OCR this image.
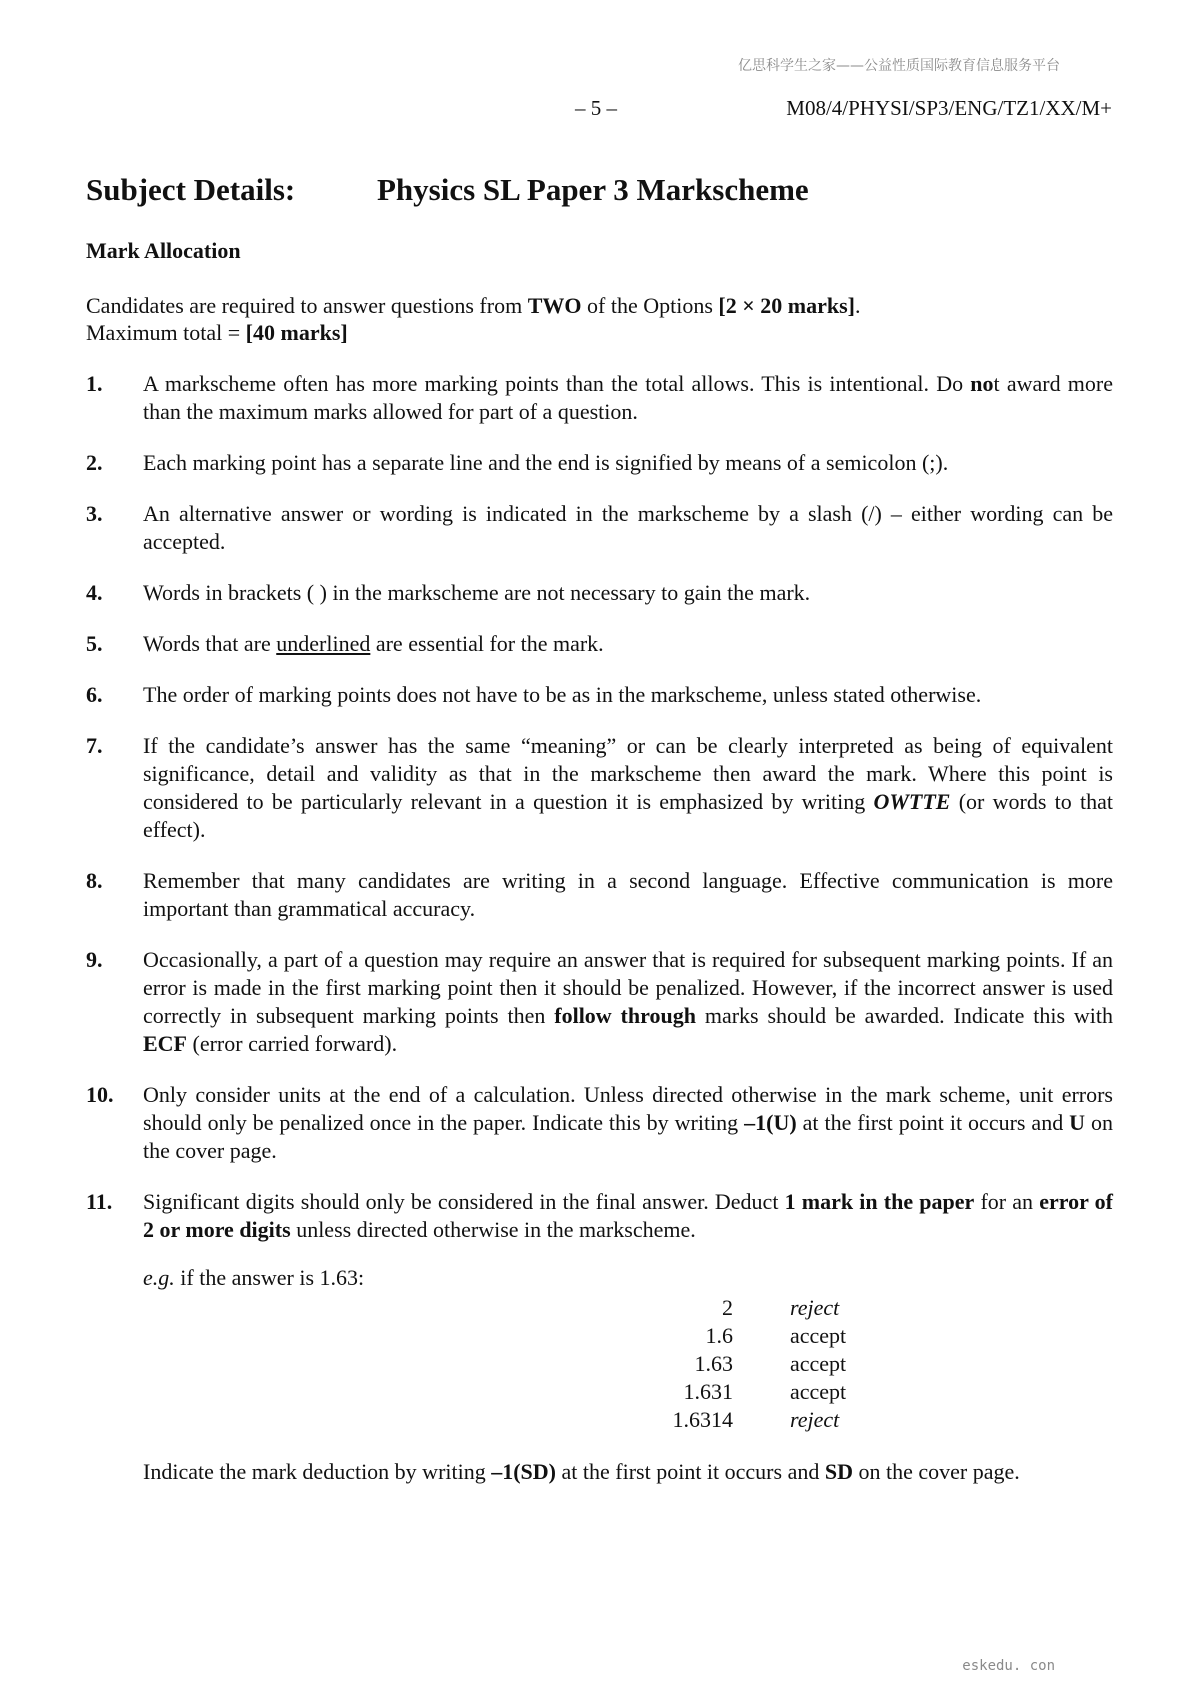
亿思科学生之家——公益性质国际教育信息服务平台
– 5 –	M08/4/PHYSI/SP3/ENG/TZ1/XX/M+
Subject Details:	Physics SL Paper 3 Markscheme
Mark Allocation
Candidates are required to answer questions from TWO of the Options [2 × 20 marks].
Maximum total = [40 marks]
1. A markscheme often has more marking points than the total allows. This is intentional. Do not award more than the maximum marks allowed for part of a question.
2. Each marking point has a separate line and the end is signified by means of a semicolon (;).
3. An alternative answer or wording is indicated in the markscheme by a slash (/) – either wording can be accepted.
4. Words in brackets ( ) in the markscheme are not necessary to gain the mark.
5. Words that are underlined are essential for the mark.
6. The order of marking points does not have to be as in the markscheme, unless stated otherwise.
7. If the candidate’s answer has the same “meaning” or can be clearly interpreted as being of equivalent significance, detail and validity as that in the markscheme then award the mark. Where this point is considered to be particularly relevant in a question it is emphasized by writing OWTTE (or words to that effect).
8. Remember that many candidates are writing in a second language. Effective communication is more important than grammatical accuracy.
9. Occasionally, a part of a question may require an answer that is required for subsequent marking points. If an error is made in the first marking point then it should be penalized. However, if the incorrect answer is used correctly in subsequent marking points then follow through marks should be awarded. Indicate this with ECF (error carried forward).
10. Only consider units at the end of a calculation. Unless directed otherwise in the mark scheme, unit errors should only be penalized once in the paper. Indicate this by writing –1(U) at the first point it occurs and U on the cover page.
11. Significant digits should only be considered in the final answer. Deduct 1 mark in the paper for an error of 2 or more digits unless directed otherwise in the markscheme.
e.g. if the answer is 1.63:
2	reject
1.6	accept
1.63	accept
1.631	accept
1.6314	reject
Indicate the mark deduction by writing –1(SD) at the first point it occurs and SD on the cover page.
eskedu. con
